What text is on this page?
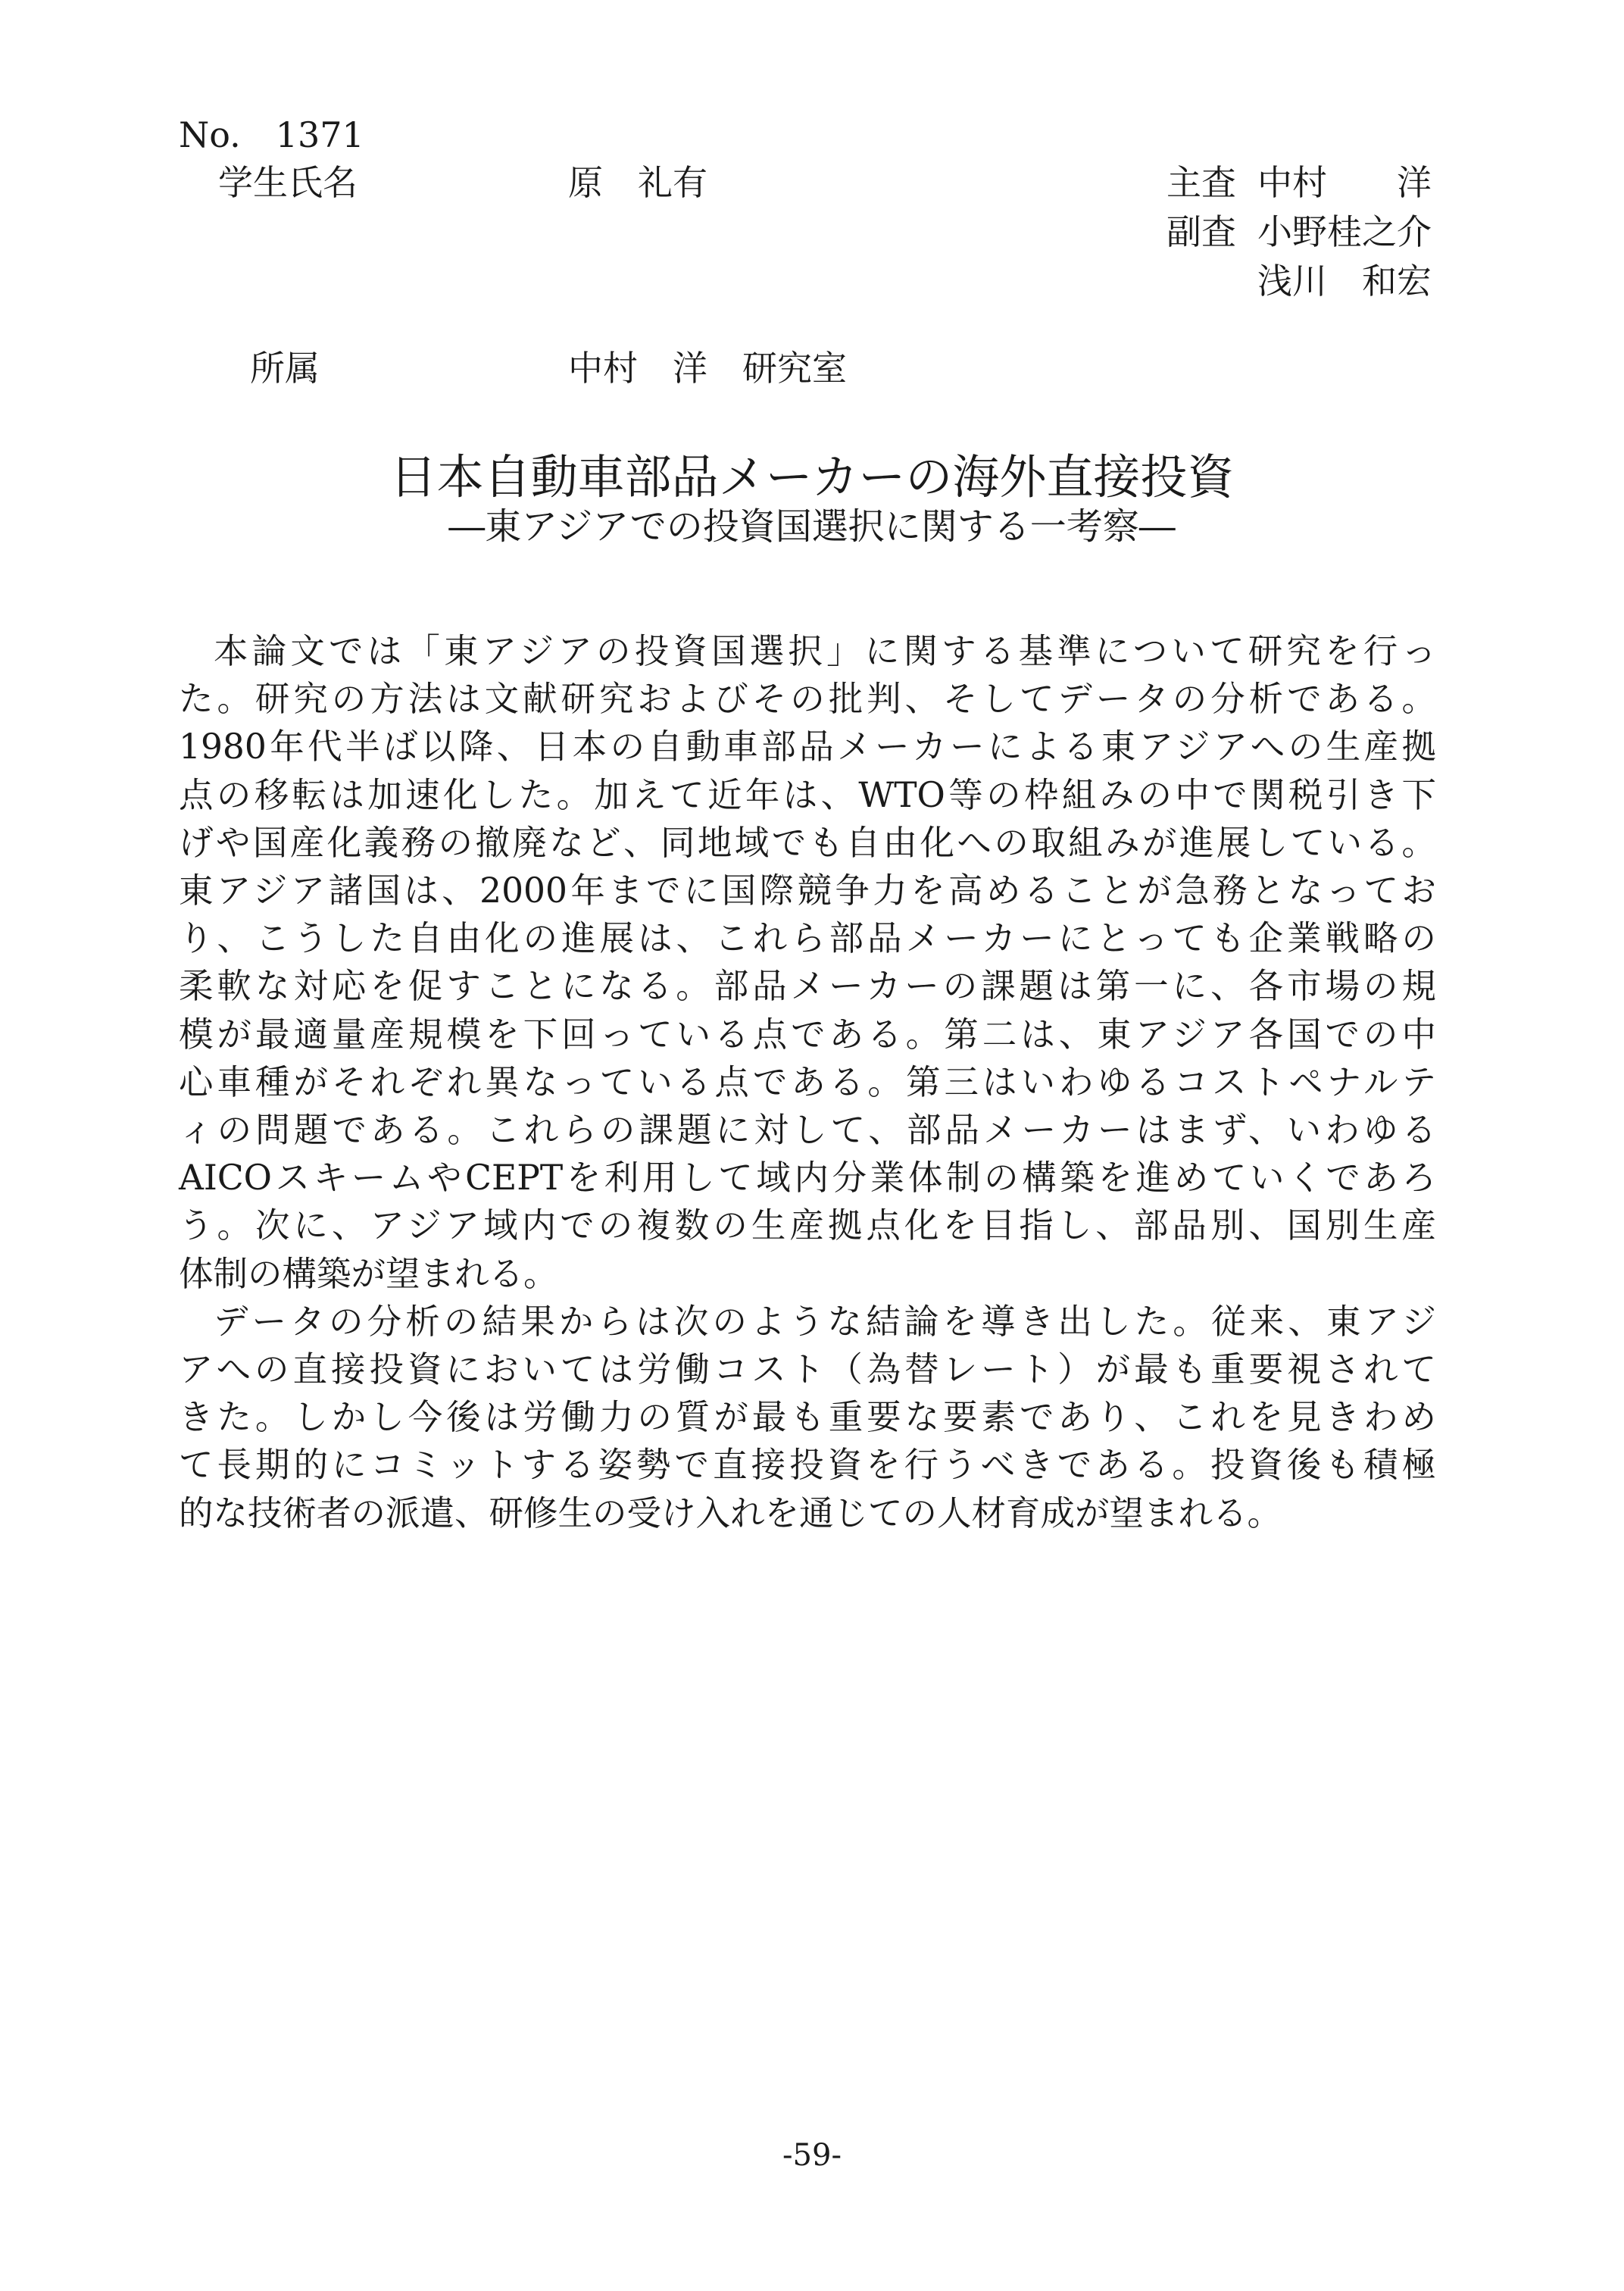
No.　1371
学生氏名	原　礼有	主査 中村　　洋
副査 小野桂之介
浅川　和宏
所属	中村　洋　研究室
日本自動車部品メーカーの海外直接投資
―東アジアでの投資国選択に関する一考察―
本論文では「東アジアの投資国選択」に関する基準について研究を行っ
た。研究の方法は文献研究およびその批判、そしてデータの分析である。
1980年代半ば以降、日本の自動車部品メーカーによる東アジアへの生産拠
点の移転は加速化した。加えて近年は、WTO等の枠組みの中で関税引き下
げや国産化義務の撤廃など、同地域でも自由化への取組みが進展している。
東アジア諸国は、2000年までに国際競争力を高めることが急務となってお
り、こうした自由化の進展は、これら部品メーカーにとっても企業戦略の
柔軟な対応を促すことになる。部品メーカーの課題は第一に、各市場の規
模が最適量産規模を下回っている点である。第二は、東アジア各国での中
心車種がそれぞれ異なっている点である。第三はいわゆるコストペナルテ
ィの問題である。これらの課題に対して、部品メーカーはまず、いわゆる
AICOスキームやCEPTを利用して域内分業体制の構築を進めていくであろ
う。次に、アジア域内での複数の生産拠点化を目指し、部品別、国別生産
体制の構築が望まれる。
データの分析の結果からは次のような結論を導き出した。従来、東アジ
アへの直接投資においては労働コスト（為替レート）が最も重要視されて
きた。しかし今後は労働力の質が最も重要な要素であり、これを見きわめ
て長期的にコミットする姿勢で直接投資を行うべきである。投資後も積極
的な技術者の派遣、研修生の受け入れを通じての人材育成が望まれる。
-59-
